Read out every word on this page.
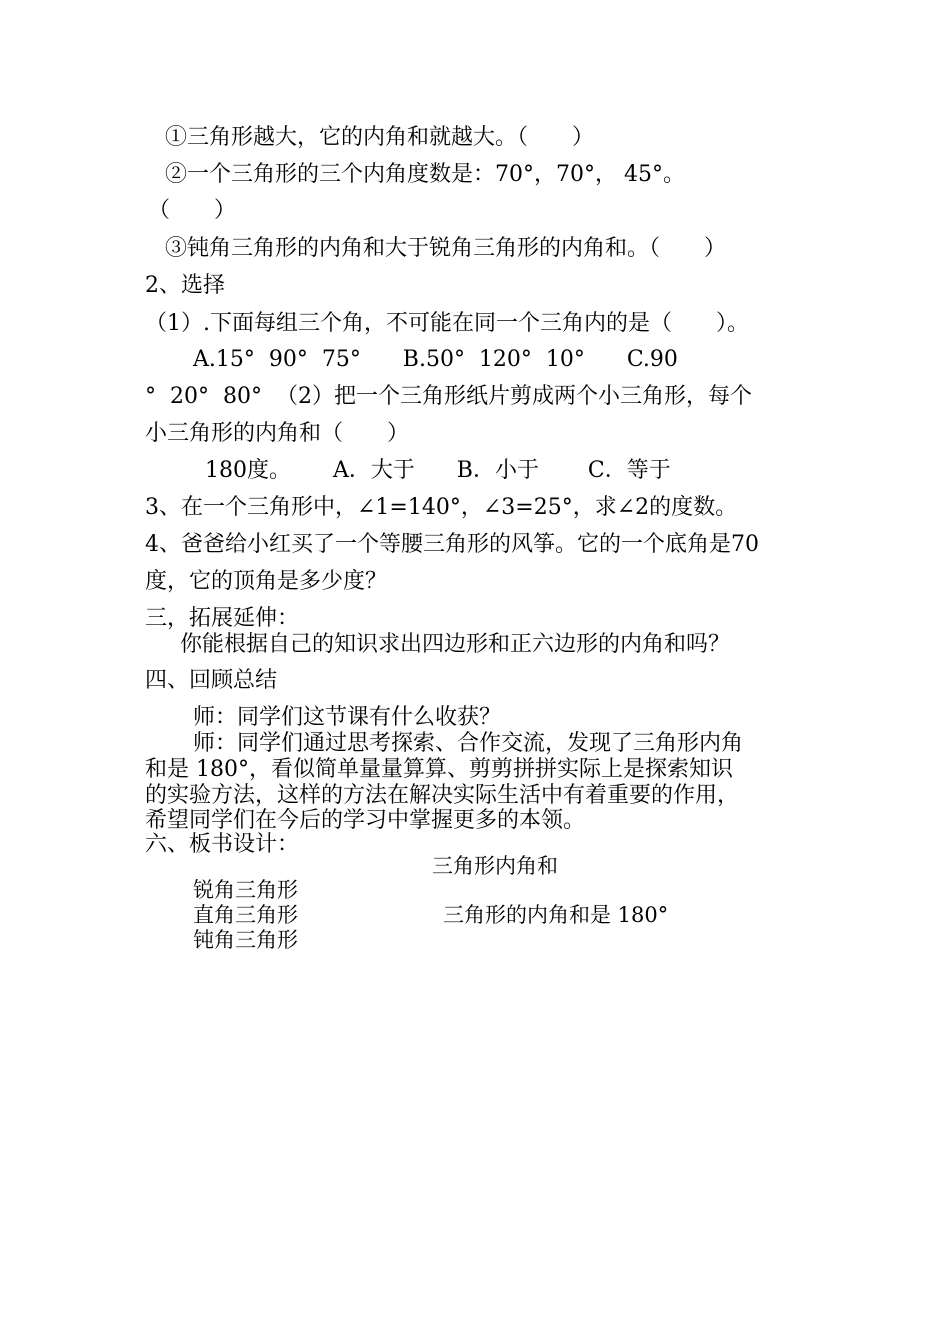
①三角形越大，它的内角和就越大。（　　）
②一个三角形的三个内角度数是：70°，70°， 45°。
（　　）
③钝角三角形的内角和大于锐角三角形的内角和。（　　）
2、选择
（1）.下面每组三个角，不可能在同一个三角内的是（　　）。
A.15°  90°  75°      B.50°  120°  10°      C.90
°  20°  80°  （2）把一个三角形纸片剪成两个小三角形，每个
小三角形的内角和（　　）
180度。      A．大于      B．小于       C．等于
3、在一个三角形中，∠1=140°，∠3=25°，求∠2的度数。
4、爸爸给小红买了一个等腰三角形的风筝。它的一个底角是70
度，它的顶角是多少度？
三，拓展延伸：
你能根据自己的知识求出四边形和正六边形的内角和吗？
四、回顾总结
师：同学们这节课有什么收获？
师：同学们通过思考探索、合作交流，发现了三角形内角
和是 180°，看似简单量量算算、剪剪拼拼实际上是探索知识
的实验方法，这样的方法在解决实际生活中有着重要的作用，
希望同学们在今后的学习中掌握更多的本领。
六、板书设计：
三角形内角和
锐角三角形
直角三角形	三角形的内角和是 180°
钝角三角形
